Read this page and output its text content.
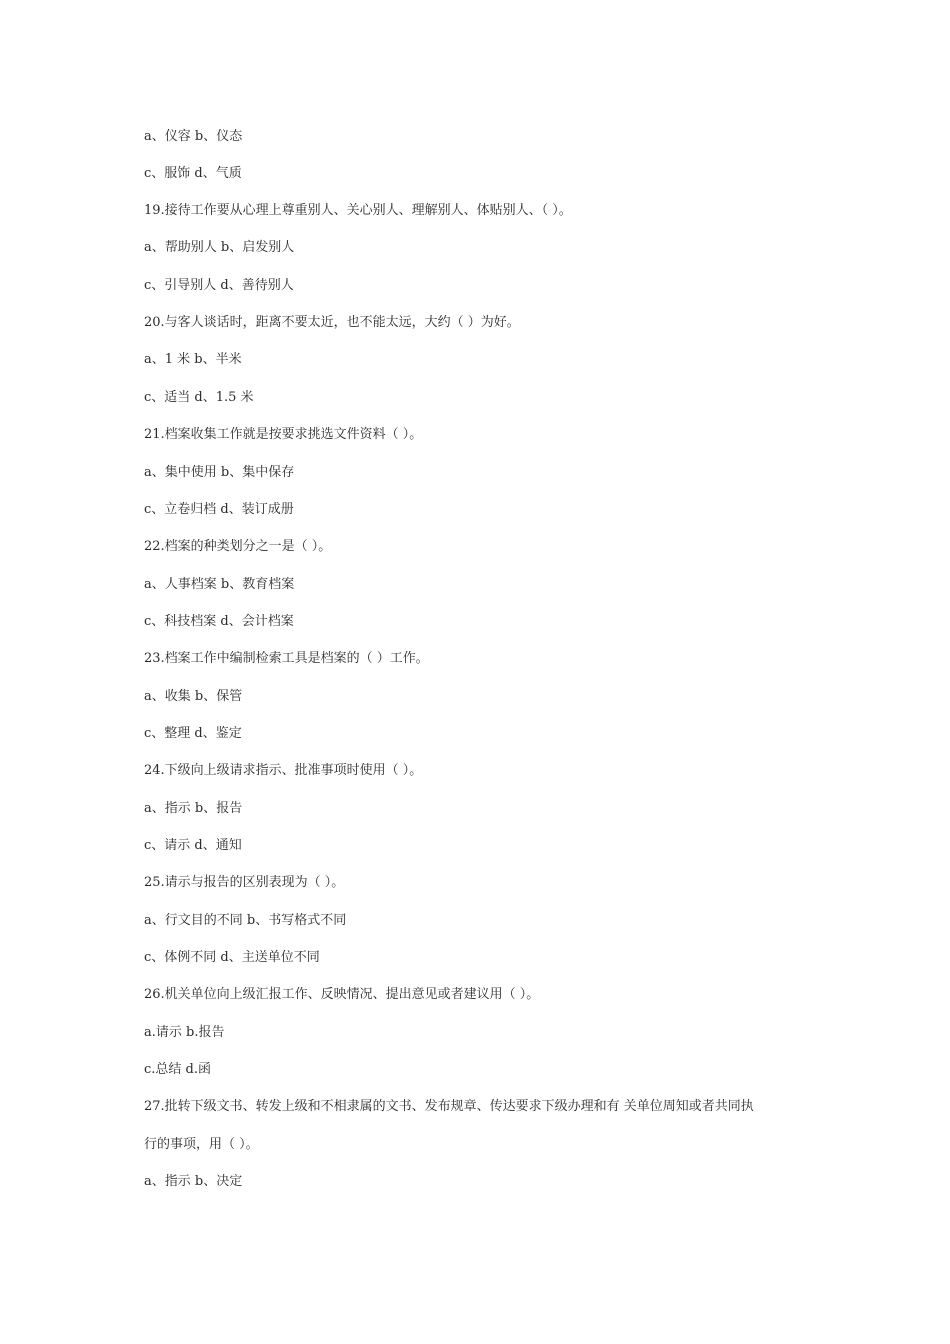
a、仪容 b、仪态
c、服饰 d、气质
19.接待工作要从心理上尊重别人、关心别人、理解别人、体贴别人、（ ）。
a、帮助别人 b、启发别人
c、引导别人 d、善待别人
20.与客人谈话时，距离不要太近，也不能太远，大约（ ）为好。
a、1 米 b、半米
c、适当 d、1.5 米
21.档案收集工作就是按要求挑选文件资料（ ）。
a、集中使用 b、集中保存
c、立卷归档 d、装订成册
22.档案的种类划分之一是（ ）。
a、人事档案 b、教育档案
c、科技档案 d、会计档案
23.档案工作中编制检索工具是档案的（ ）工作。
a、收集 b、保管
c、整理 d、鉴定
24.下级向上级请求指示、批准事项时使用（ ）。
a、指示 b、报告
c、请示 d、通知
25.请示与报告的区别表现为（ ）。
a、行文目的不同 b、书写格式不同
c、体例不同 d、主送单位不同
26.机关单位向上级汇报工作、反映情况、提出意见或者建议用（ ）。
a.请示 b.报告
c.总结 d.函
27.批转下级文书、转发上级和不相隶属的文书、发布规章、传达要求下级办理和有 关单位周知或者共同执
行的事项，用（ ）。
a、指示 b、决定
